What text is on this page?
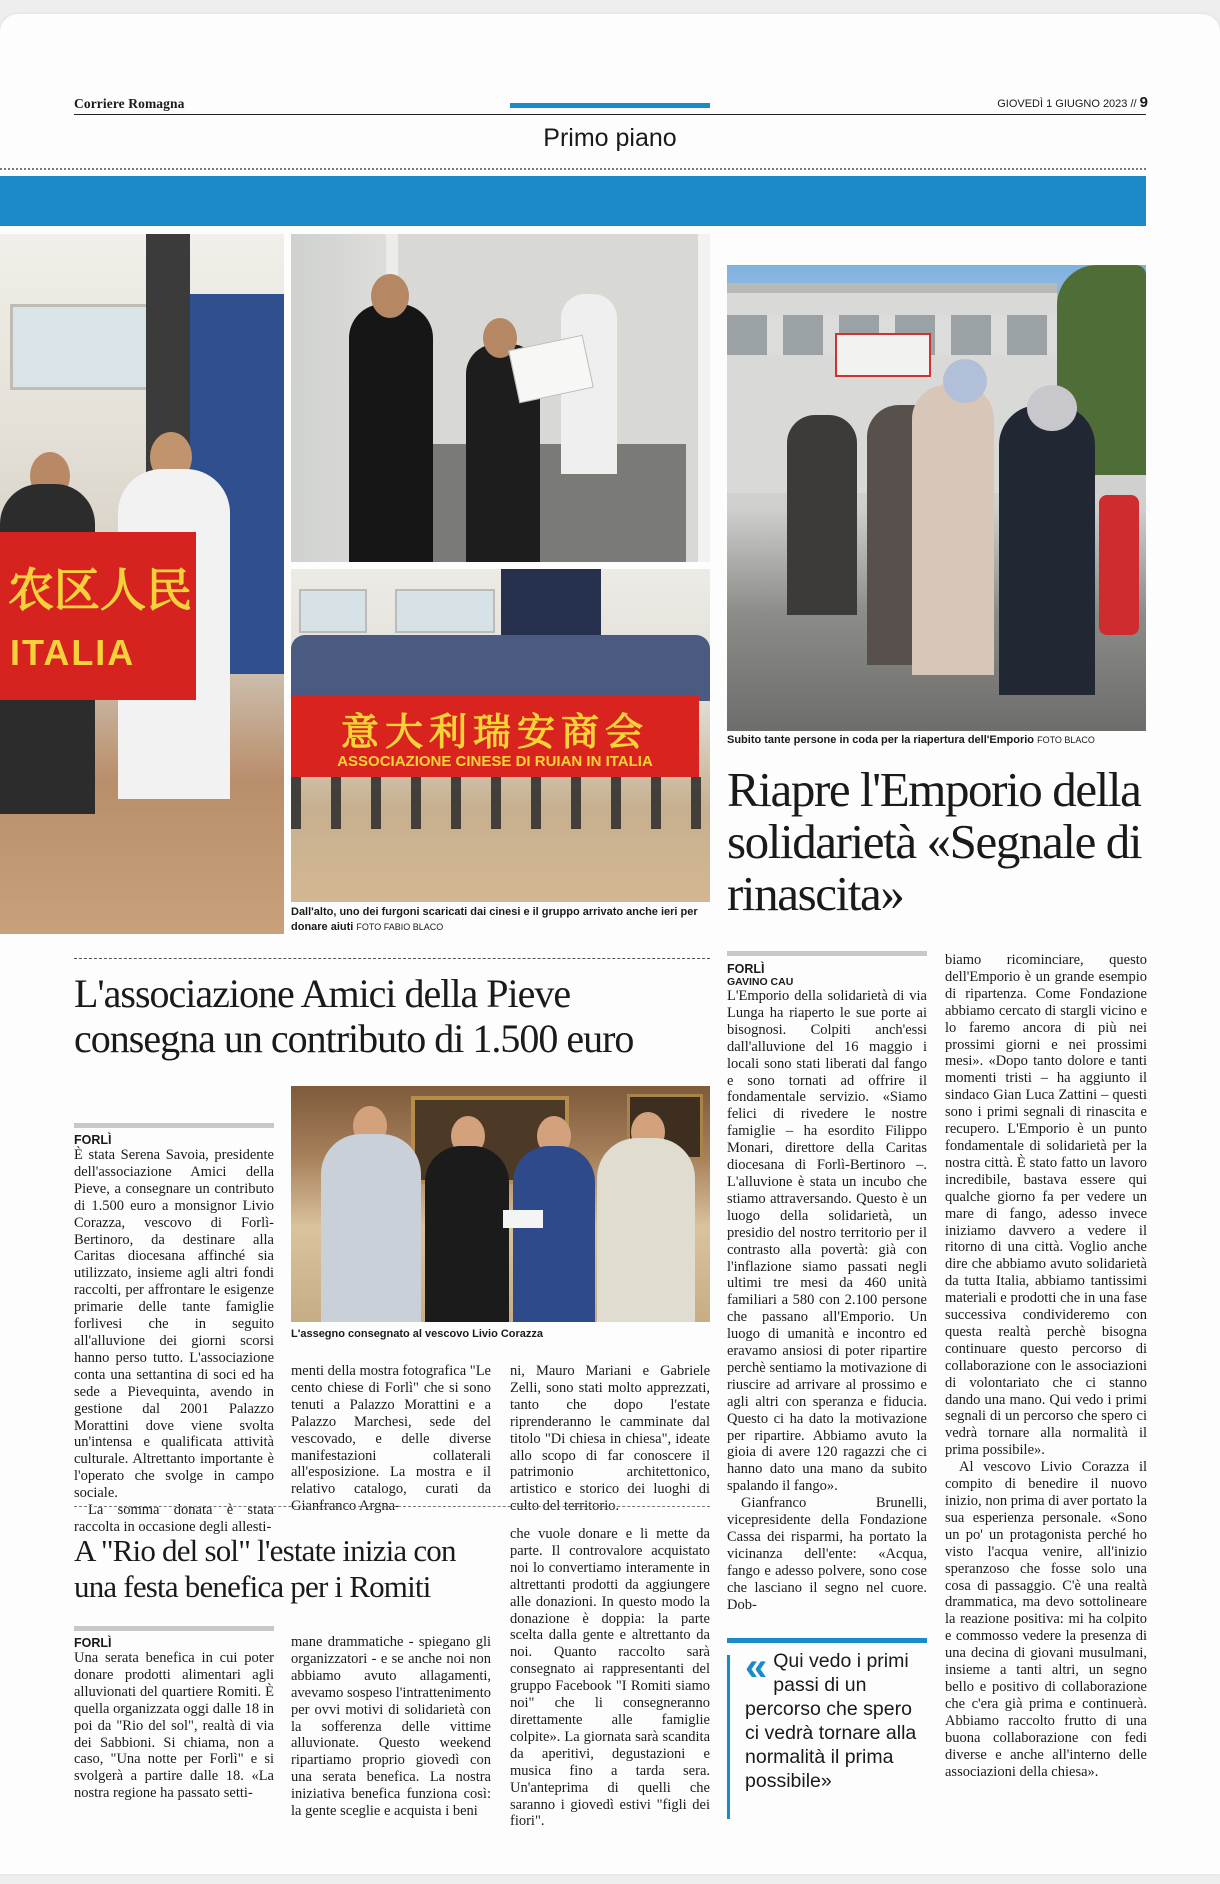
Corriere Romagna	GIOVEDÌ 1 GIUGNO 2023 // 9
Primo piano
农区人民
ITALIA
意大利瑞安商会
ASSOCIAZIONE CINESE DI RUIAN IN ITALIA
Dall'alto, uno dei furgoni scaricati dai cinesi e il gruppo arrivato anche ieri per donare aiuti FOTO FABIO BLACO
Subito tante persone in coda per la riapertura dell'Emporio FOTO BLACO
Riapre l'Emporio della solidarietà «Segnale di rinascita»
L'associazione Amici della Pieve consegna un contributo di 1.500 euro
FORLÌ

È stata Serena Savoia, presidente dell'associazione Amici della Pieve, a consegnare un contributo di 1.500 euro a monsignor Livio Corazza, vescovo di Forlì-Bertinoro, da destinare alla Caritas diocesana affinché sia utilizzato, insieme agli altri fondi raccolti, per affrontare le esigenze primarie delle tante famiglie forlivesi che in seguito all'alluvione dei giorni scorsi hanno perso tutto. L'associazione conta una settantina di soci ed ha sede a Pievequinta, avendo in gestione dal 2001 Palazzo Morattini dove viene svolta un'intensa e qualificata attività culturale. Altrettanto importante è l'operato che svolge in campo sociale.

La somma donata è stata raccolta in occasione degli allesti-

L'assegno consegnato al vescovo Livio Corazza

menti della mostra fotografica "Le cento chiese di Forlì" che si sono tenuti a Palazzo Morattini e a Palazzo Marchesi, sede del vescovado, e delle diverse manifestazioni collaterali all'esposizione. La mostra e il relativo catalogo, curati da Gianfranco Argna-

ni, Mauro Mariani e Gabriele Zelli, sono stati molto apprezzati, tanto che dopo l'estate riprenderanno le camminate dal titolo "Di chiesa in chiesa", ideate allo scopo di far conoscere il patrimonio architettonico, artistico e storico dei luoghi di culto del territorio.

A "Rio del sol" l'estate inizia con una festa benefica per i Romiti
FORLÌ

Una serata benefica in cui poter donare prodotti alimentari agli alluvionati del quartiere Romiti. È quella organizzata oggi dalle 18 in poi da "Rio del sol", realtà di via dei Sabbioni. Si chiama, non a caso, "Una notte per Forlì" e si svolgerà a partire dalle 18. «La nostra regione ha passato setti-

mane drammatiche - spiegano gli organizzatori - e se anche noi non abbiamo avuto allagamenti, avevamo sospeso l'intrattenimento per ovvi motivi di solidarietà con la sofferenza delle vittime alluvionate. Questo weekend ripartiamo proprio giovedì con una serata benefica. La nostra iniziativa benefica funziona così: la gente sceglie e acquista i beni

che vuole donare e li mette da parte. Il controvalore acquistato noi lo convertiamo interamente in altrettanti prodotti da aggiungere alle donazioni. In questo modo la donazione è doppia: la parte scelta dalla gente e altrettanto da noi. Quanto raccolto sarà consegnato ai rappresentanti del gruppo Facebook "I Romiti siamo noi" che li consegneranno direttamente alle famiglie colpite». La giornata sarà scandita da aperitivi, degustazioni e musica fino a tarda sera. Un'anteprima di quelli che saranno i giovedì estivi "figli dei fiori".

FORLÌ
GAVINO CAU

L'Emporio della solidarietà di via Lunga ha riaperto le sue porte ai bisognosi. Colpiti anch'essi dall'alluvione del 16 maggio i locali sono stati liberati dal fango e sono tornati ad offrire il fondamentale servizio. «Siamo felici di rivedere le nostre famiglie – ha esordito Filippo Monari, direttore della Caritas diocesana di Forlì-Bertinoro –. L'alluvione è stata un incubo che stiamo attraversando. Questo è un luogo della solidarietà, un presidio del nostro territorio per il contrasto alla povertà: già con l'inflazione siamo passati negli ultimi tre mesi da 460 unità familiari a 580 con 2.100 persone che passano all'Emporio. Un luogo di umanità e incontro ed eravamo ansiosi di poter ripartire perchè sentiamo la motivazione di riuscire ad arrivare al prossimo e agli altri con speranza e fiducia. Questo ci ha dato la motivazione per ripartire. Abbiamo avuto la gioia di avere 120 ragazzi che ci hanno dato una mano da subito spalando il fango».

Gianfranco Brunelli, vicepresidente della Fondazione Cassa dei risparmi, ha portato la vicinanza dell'ente: «Acqua, fango e adesso polvere, sono cose che lasciano il segno nel cuore. Dob-

« Qui vedo i primi passi di un percorso che spero ci vedrà tornare alla normalità il prima possibile»

biamo ricominciare, questo dell'Emporio è un grande esempio di ripartenza. Come Fondazione abbiamo cercato di stargli vicino e lo faremo ancora di più nei prossimi giorni e nei prossimi mesi». «Dopo tanto dolore e tanti momenti tristi – ha aggiunto il sindaco Gian Luca Zattini – questi sono i primi segnali di rinascita e recupero. L'Emporio è un punto fondamentale di solidarietà per la nostra città. È stato fatto un lavoro incredibile, bastava essere qui qualche giorno fa per vedere un mare di fango, adesso invece iniziamo davvero a vedere il ritorno di una città. Voglio anche dire che abbiamo avuto solidarietà da tutta Italia, abbiamo tantissimi materiali e prodotti che in una fase successiva condivideremo con questa realtà perchè bisogna continuare questo percorso di collaborazione con le associazioni di volontariato che ci stanno dando una mano. Qui vedo i primi segnali di un percorso che spero ci vedrà tornare alla normalità il prima possibile».

Al vescovo Livio Corazza il compito di benedire il nuovo inizio, non prima di aver portato la sua esperienza personale. «Sono un po' un protagonista perché ho visto l'acqua venire, all'inizio speranzoso che fosse solo una cosa di passaggio. C'è una realtà drammatica, ma devo sottolineare la reazione positiva: mi ha colpito e commosso vedere la presenza di una decina di giovani musulmani, insieme a tanti altri, un segno bello e positivo di collaborazione che c'era già prima e continuerà. Abbiamo raccolto frutto di una buona collaborazione con fedi diverse e anche all'interno delle associazioni della chiesa».
